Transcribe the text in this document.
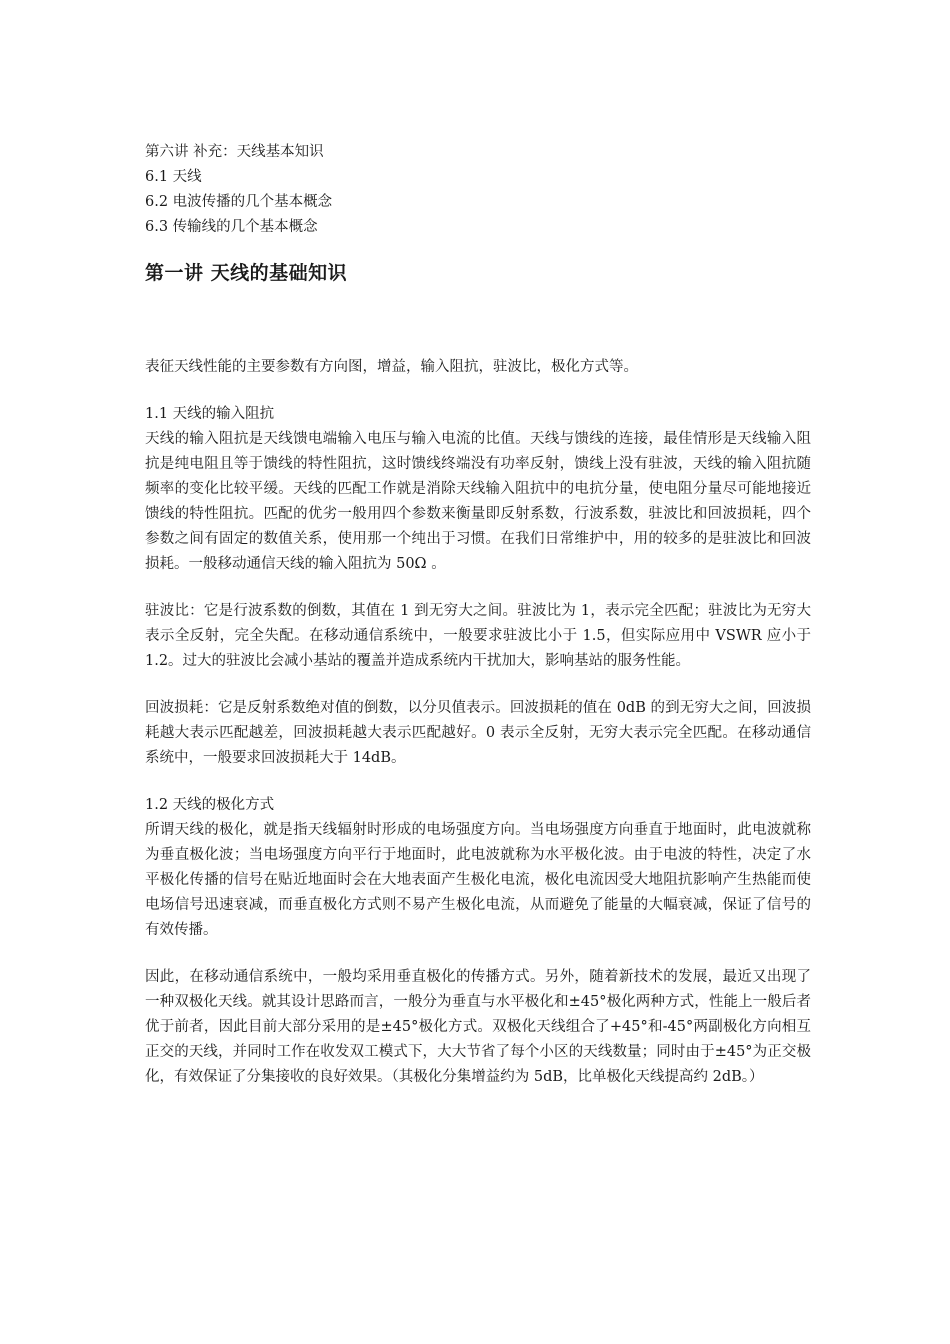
第六讲 补充：天线基本知识
6.1 天线
6.2 电波传播的几个基本概念
6.3 传输线的几个基本概念
第一讲 天线的基础知识

表征天线性能的主要参数有方向图，增益，输入阻抗，驻波比，极化方式等。

1.1 天线的输入阻抗

天线的输入阻抗是天线馈电端输入电压与输入电流的比值。天线与馈线的连接，最佳情形是天线输入阻抗是纯电阻且等于馈线的特性阻抗，这时馈线终端没有功率反射，馈线上没有驻波，天线的输入阻抗随频率的变化比较平缓。天线的匹配工作就是消除天线输入阻抗中的电抗分量，使电阻分量尽可能地接近馈线的特性阻抗。匹配的优劣一般用四个参数来衡量即反射系数，行波系数，驻波比和回波损耗，四个参数之间有固定的数值关系，使用那一个纯出于习惯。在我们日常维护中，用的较多的是驻波比和回波损耗。一般移动通信天线的输入阻抗为 50Ω 。

驻波比：它是行波系数的倒数，其值在 1 到无穷大之间。驻波比为 1，表示完全匹配；驻波比为无穷大表示全反射，完全失配。在移动通信系统中，一般要求驻波比小于 1.5，但实际应用中 VSWR 应小于 1.2。过大的驻波比会减小基站的覆盖并造成系统内干扰加大，影响基站的服务性能。

回波损耗：它是反射系数绝对值的倒数，以分贝值表示。回波损耗的值在 0dB 的到无穷大之间，回波损耗越大表示匹配越差，回波损耗越大表示匹配越好。0 表示全反射，无穷大表示完全匹配。在移动通信系统中，一般要求回波损耗大于 14dB。

1.2 天线的极化方式

所谓天线的极化，就是指天线辐射时形成的电场强度方向。当电场强度方向垂直于地面时，此电波就称为垂直极化波；当电场强度方向平行于地面时，此电波就称为水平极化波。由于电波的特性，决定了水平极化传播的信号在贴近地面时会在大地表面产生极化电流，极化电流因受大地阻抗影响产生热能而使电场信号迅速衰减，而垂直极化方式则不易产生极化电流，从而避免了能量的大幅衰减，保证了信号的有效传播。

因此，在移动通信系统中，一般均采用垂直极化的传播方式。另外，随着新技术的发展，最近又出现了一种双极化天线。就其设计思路而言，一般分为垂直与水平极化和±45°极化两种方式，性能上一般后者优于前者，因此目前大部分采用的是±45°极化方式。双极化天线组合了+45°和-45°两副极化方向相互正交的天线，并同时工作在收发双工模式下，大大节省了每个小区的天线数量；同时由于±45°为正交极化，有效保证了分集接收的良好效果。（其极化分集增益约为 5dB，比单极化天线提高约 2dB。）
